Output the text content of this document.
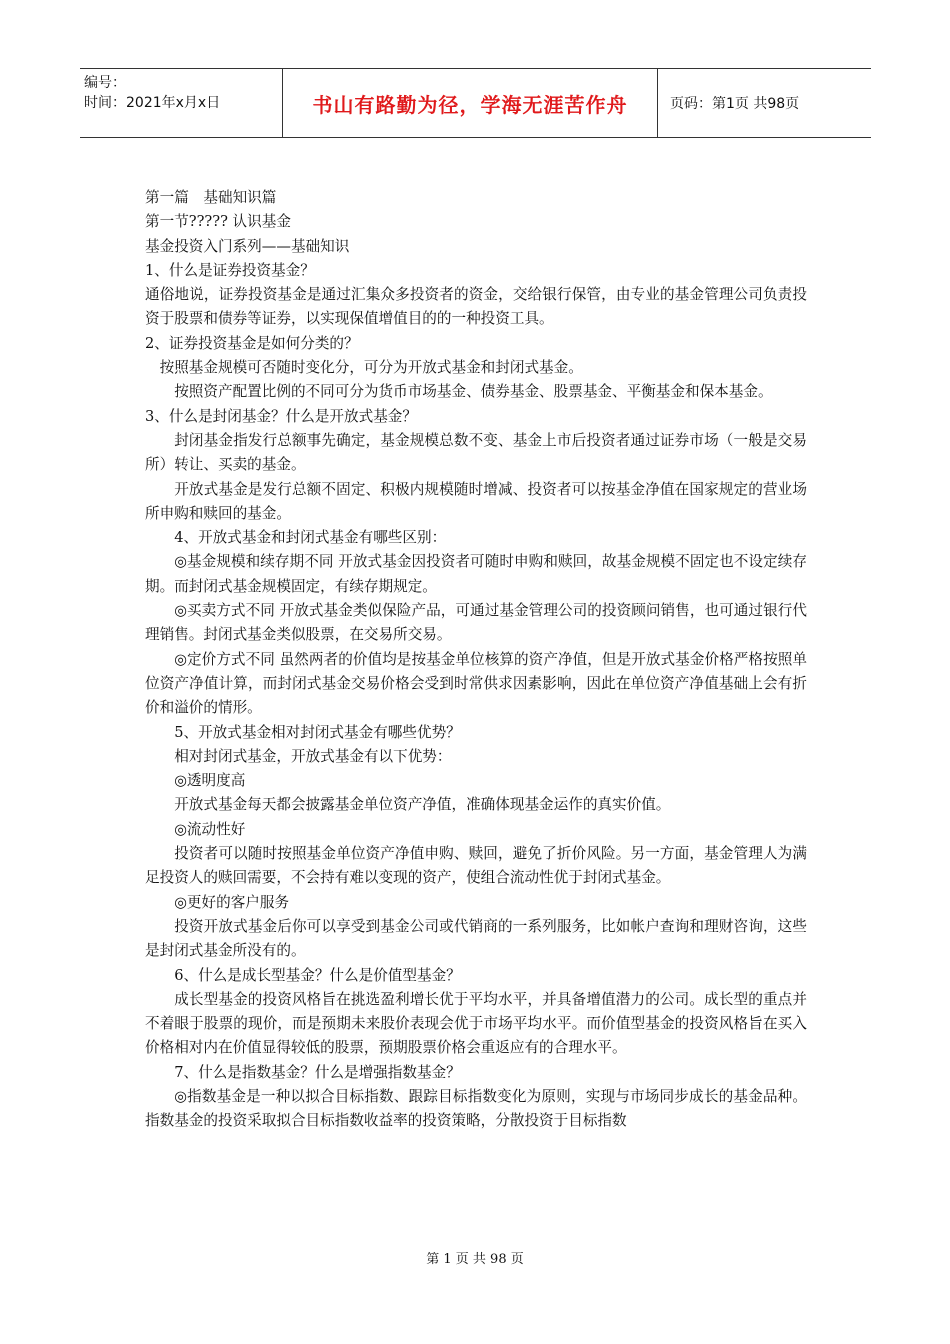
编号：
时间：2021年x月x日	书山有路勤为径，学海无涯苦作舟	页码：第1页 共98页

第一篇　基础知识篇

第一节????? 认识基金

基金投资入门系列——基础知识

1、什么是证券投资基金？

通俗地说，证券投资基金是通过汇集众多投资者的资金，交给银行保管，由专业的基金管理公司负责投资于股票和债券等证券，以实现保值增值目的的一种投资工具。

2、证券投资基金是如何分类的？

按照基金规模可否随时变化分，可分为开放式基金和封闭式基金。

按照资产配置比例的不同可分为货币市场基金、债券基金、股票基金、平衡基金和保本基金。

3、什么是封闭基金？什么是开放式基金？

封闭基金指发行总额事先确定，基金规模总数不变、基金上市后投资者通过证券市场（一般是交易所）转让、买卖的基金。

开放式基金是发行总额不固定、积极内规模随时增减、投资者可以按基金净值在国家规定的营业场所申购和赎回的基金。

4、开放式基金和封闭式基金有哪些区别：

◎基金规模和续存期不同 开放式基金因投资者可随时申购和赎回，故基金规模不固定也不设定续存期。而封闭式基金规模固定，有续存期规定。

◎买卖方式不同 开放式基金类似保险产品，可通过基金管理公司的投资顾问销售，也可通过银行代理销售。封闭式基金类似股票，在交易所交易。

◎定价方式不同 虽然两者的价值均是按基金单位核算的资产净值，但是开放式基金价格严格按照单位资产净值计算，而封闭式基金交易价格会受到时常供求因素影响，因此在单位资产净值基础上会有折价和溢价的情形。

5、开放式基金相对封闭式基金有哪些优势？

相对封闭式基金，开放式基金有以下优势：

◎透明度高

开放式基金每天都会披露基金单位资产净值，准确体现基金运作的真实价值。

◎流动性好

投资者可以随时按照基金单位资产净值申购、赎回，避免了折价风险。另一方面，基金管理人为满足投资人的赎回需要，不会持有难以变现的资产，使组合流动性优于封闭式基金。

◎更好的客户服务

投资开放式基金后你可以享受到基金公司或代销商的一系列服务，比如帐户查询和理财咨询，这些是封闭式基金所没有的。

6、什么是成长型基金？什么是价值型基金？

成长型基金的投资风格旨在挑选盈利增长优于平均水平，并具备增值潜力的公司。成长型的重点并不着眼于股票的现价，而是预期未来股价表现会优于市场平均水平。而价值型基金的投资风格旨在买入价格相对内在价值显得较低的股票，预期股票价格会重返应有的合理水平。

7、什么是指数基金？什么是增强指数基金？

◎指数基金是一种以拟合目标指数、跟踪目标指数变化为原则，实现与市场同步成长的基金品种。指数基金的投资采取拟合目标指数收益率的投资策略，分散投资于目标指数

第 1 页 共 98 页
